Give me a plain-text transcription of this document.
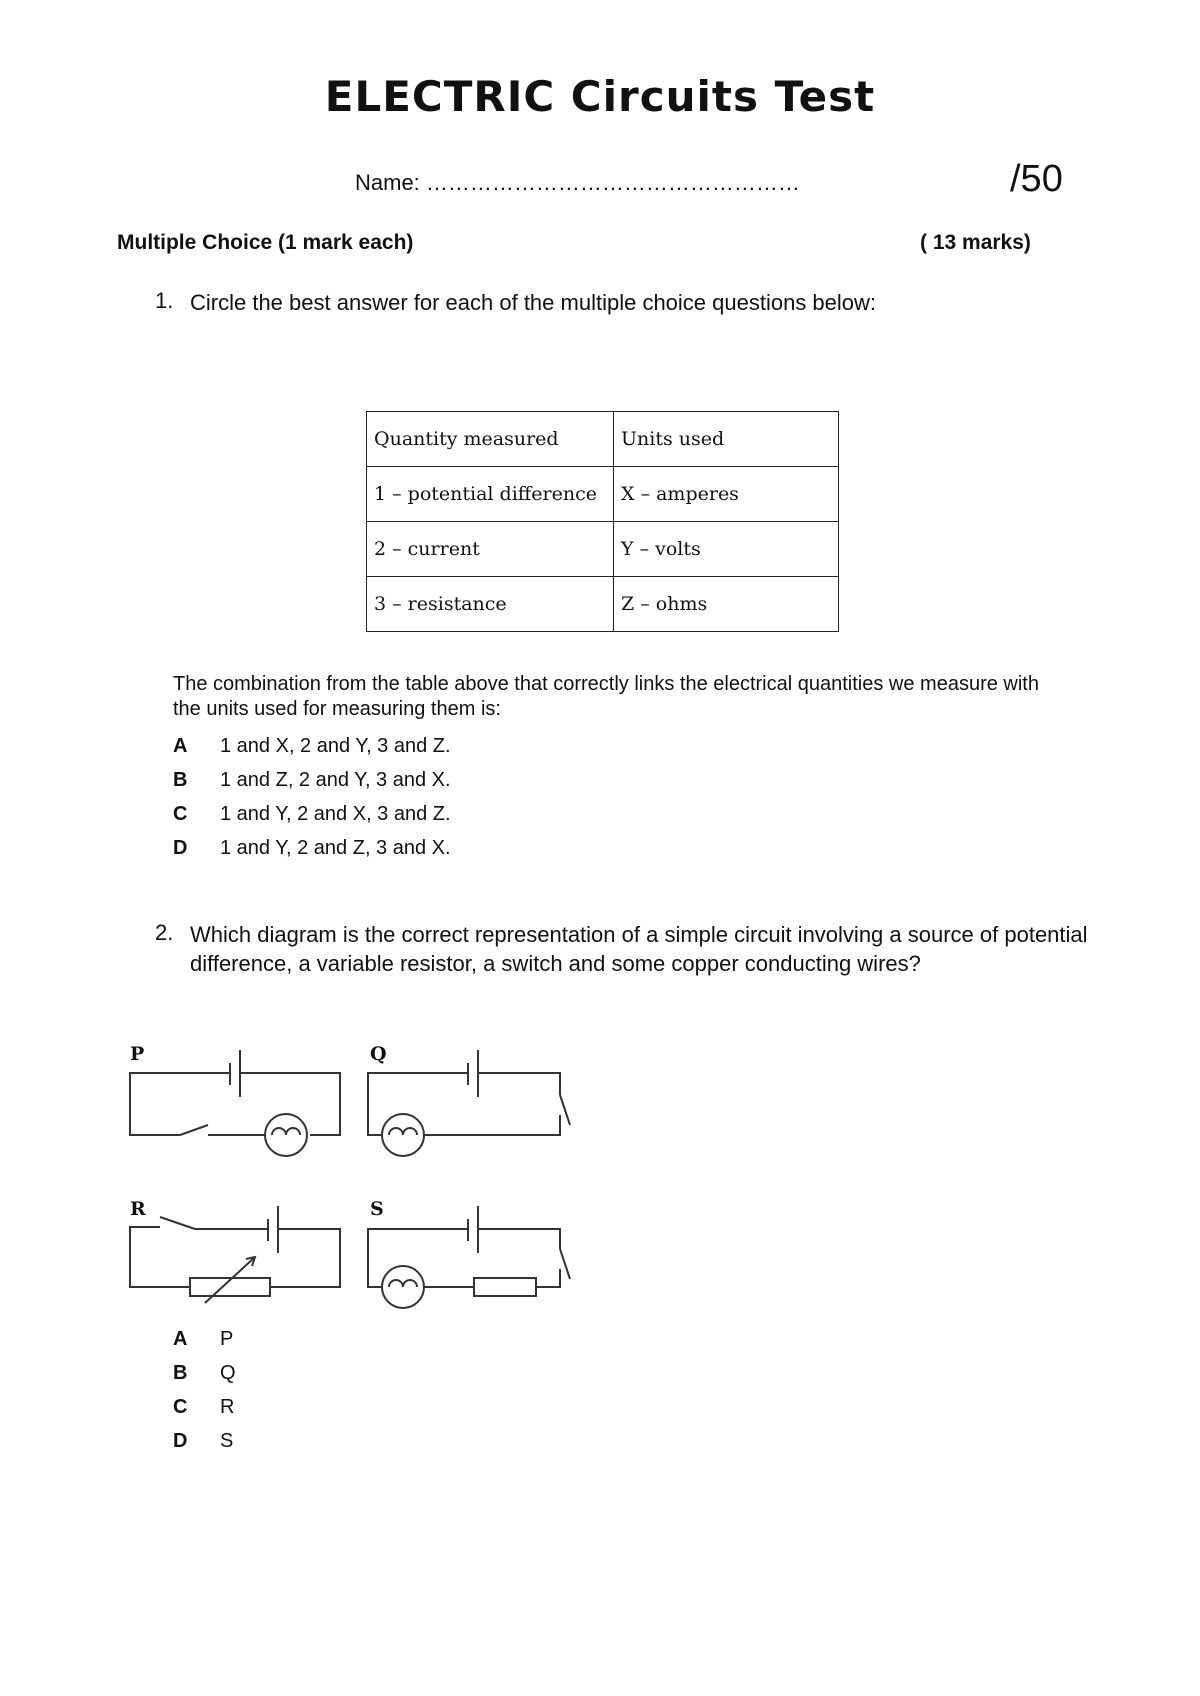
ELECTRIC Circuits Test
Name: ……………………………………………	/50
Multiple Choice (1 mark each)	( 13 marks)
1. Circle the best answer for each of the multiple choice questions below:
Quantity measured	Units used
1 – potential difference	X – amperes
2 – current	Y – volts
3 – resistance	Z – ohms
The combination from the table above that correctly links the electrical quantities we measure with the units used for measuring them is:
A 1 and X, 2 and Y, 3 and Z.
B 1 and Z, 2 and Y, 3 and X.
C 1 and Y, 2 and X, 3 and Z.
D 1 and Y, 2 and Z, 3 and X.
2. Which diagram is the correct representation of a simple circuit involving a source of potential difference, a variable resistor, a switch and some copper conducting wires?
P	Q
R	S
A P
B Q
C R
D S
